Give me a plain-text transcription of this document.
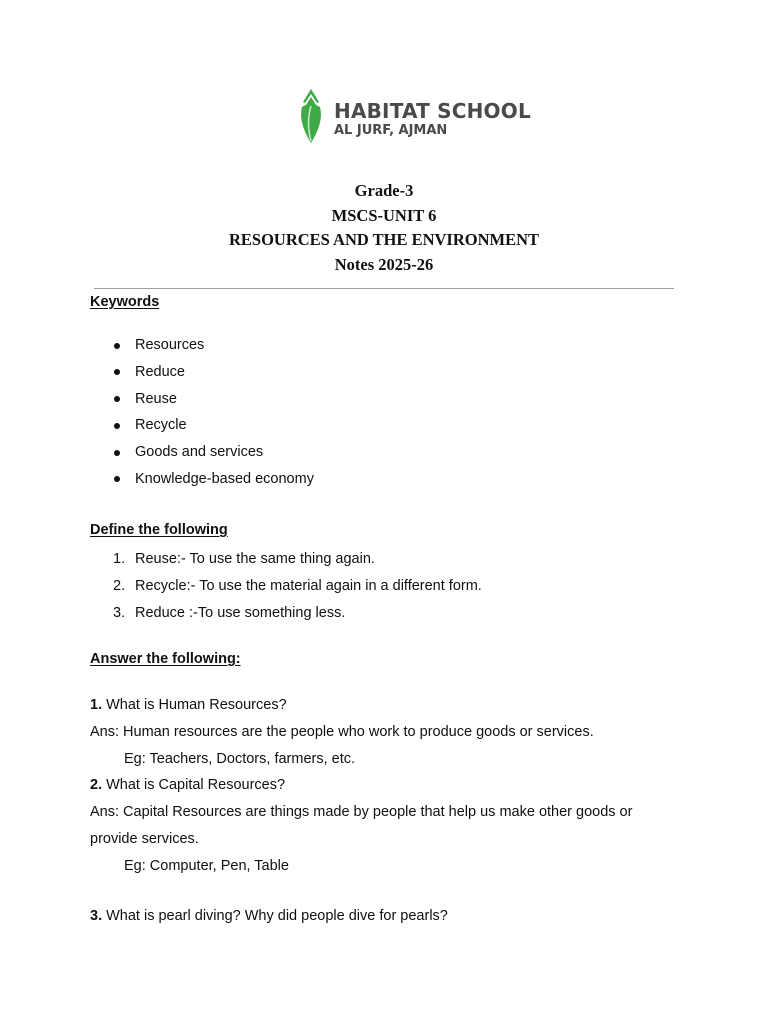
HABITAT SCHOOL
AL JURF, AJMAN
Grade-3
MSCS-UNIT 6
RESOURCES AND THE ENVIRONMENT
Notes 2025-26
Keywords
Resources
Reduce
Reuse
Recycle
Goods and services
Knowledge-based economy
Define the following
1. Reuse:- To use the same thing again.
2. Recycle:- To use the material again in a different form.
3. Reduce :-To use something less.
Answer the following:
1. What is Human Resources?
Ans: Human resources are the people who work to produce goods or services.
Eg: Teachers, Doctors, farmers, etc.
2. What is Capital Resources?
Ans: Capital Resources are things made by people that help us make other goods or provide services.
Eg: Computer, Pen, Table
3. What is pearl diving? Why did people dive for pearls?
